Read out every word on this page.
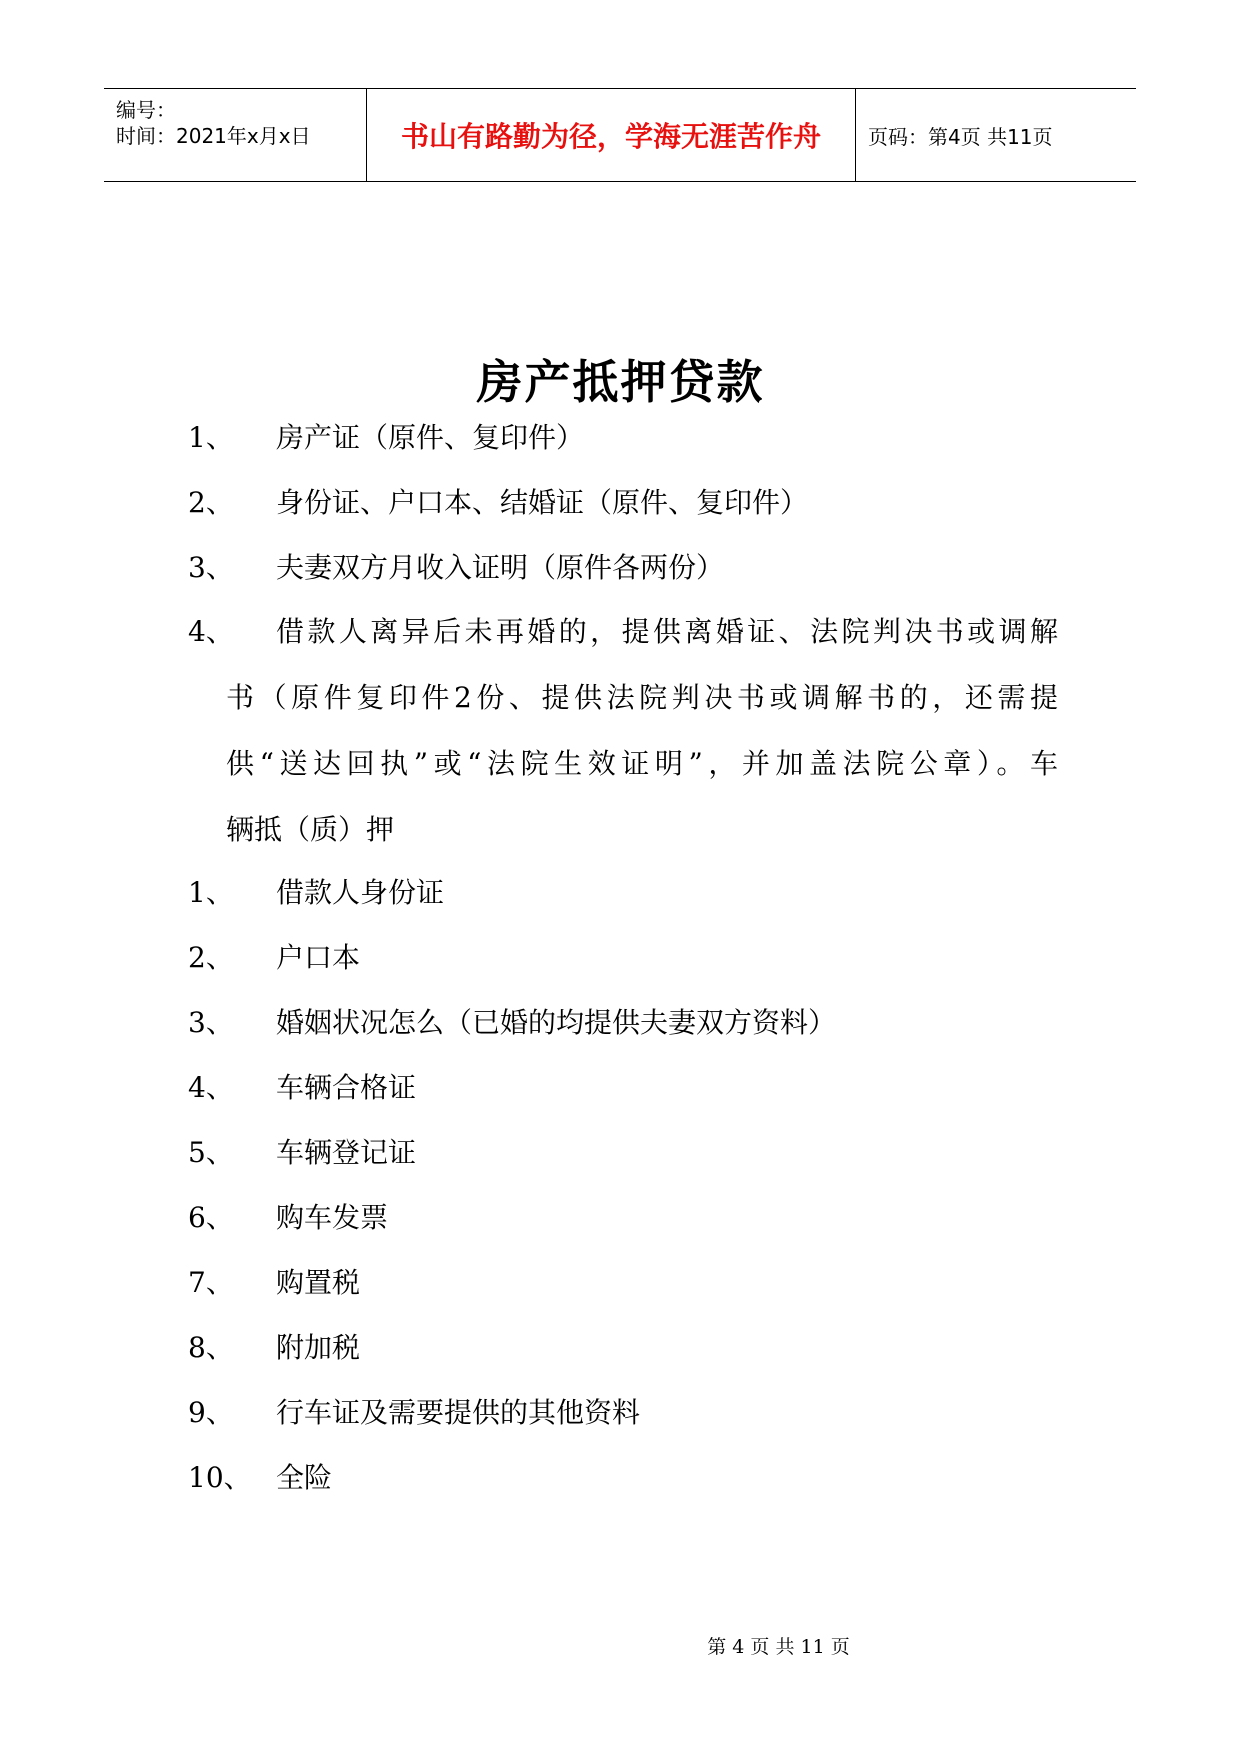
编号：
时间：2021年x月x日	书山有路勤为径，学海无涯苦作舟	页码：第4页 共11页
房产抵押贷款
1、 房产证（原件、复印件）
2、 身份证、户口本、结婚证（原件、复印件）
3、 夫妻双方月收入证明（原件各两份）
4、	借款人离异后未再婚的，提供离婚证、法院判决书或调解
书（原件复印件2份、提供法院判决书或调解书的，还需提
供“送达回执”或“法院生效证明”，并加盖法院公章）。车
辆抵（质）押
1、 借款人身份证
2、 户口本
3、 婚姻状况怎么（已婚的均提供夫妻双方资料）
4、 车辆合格证
5、 车辆登记证
6、 购车发票
7、 购置税
8、 附加税
9、 行车证及需要提供的其他资料
10、 全险
第 4 页 共 11 页
